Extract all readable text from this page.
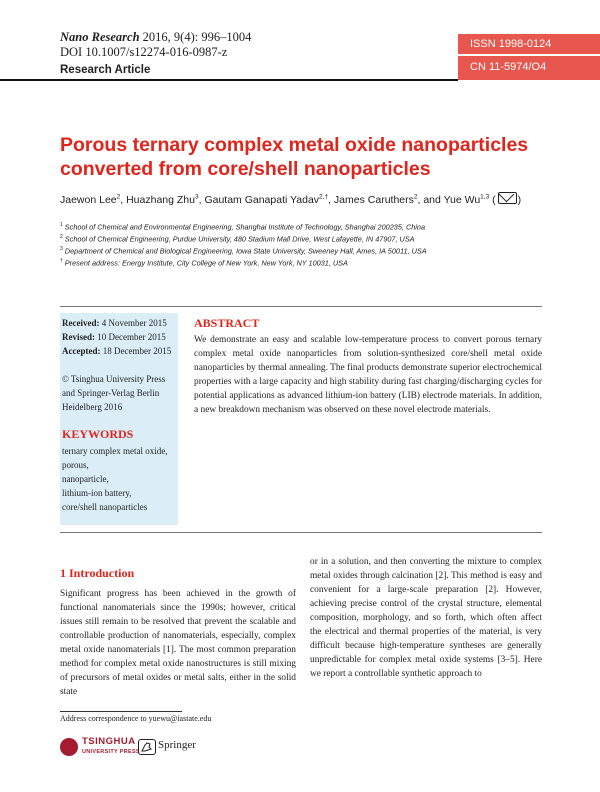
Nano Research 2016, 9(4): 996–1004
DOI 10.1007/s12274-016-0987-z
Research Article
ISSN 1998-0124
CN 11-5974/O4
Porous ternary complex metal oxide nanoparticles converted from core/shell nanoparticles
Jaewon Lee$^2$, Huazhang Zhu$^3$, Gautam Ganapati Yadav$^{2,\dagger}$, James Caruthers$^2$, and Yue Wu$^{1,3}$ ( )
$^1$ School of Chemical and Environmental Engineering, Shanghai Institute of Technology, Shanghai 200235, China
$^2$ School of Chemical Engineering, Purdue University, 480 Stadium Mall Drive, West Lafayette, IN 47907, USA
$^3$ Department of Chemical and Biological Engineering, Iowa State University, Sweeney Hall, Ames, IA 50011, USA
† Present address: Energy Institute, City College of New York, New York, NY 10031, USA
Received: 4 November 2015
Revised: 10 December 2015
Accepted: 18 December 2015
© Tsinghua University Press and Springer-Verlag Berlin Heidelberg 2016
KEYWORDS
ternary complex metal oxide,
porous,
nanoparticle,
lithium-ion battery,
core/shell nanoparticles
ABSTRACT
We demonstrate an easy and scalable low-temperature process to convert porous ternary complex metal oxide nanoparticles from solution-synthesized core/shell metal oxide nanoparticles by thermal annealing. The final products demonstrate superior electrochemical properties with a large capacity and high stability during fast charging/discharging cycles for potential applications as advanced lithium-ion battery (LIB) electrode materials. In addition, a new breakdown mechanism was observed on these novel electrode materials.
1 Introduction
Significant progress has been achieved in the growth of functional nanomaterials since the 1990s; however, critical issues still remain to be resolved that prevent the scalable and controllable production of nanomaterials, especially, complex metal oxide nanomaterials [1]. The most common preparation method for complex metal oxide nanostructures is still mixing of precursors of metal oxides or metal salts, either in the solid state
or in a solution, and then converting the mixture to complex metal oxides through calcination [2]. This method is easy and convenient for a large-scale preparation [2]. However, achieving precise control of the crystal structure, elemental composition, morphology, and so forth, which often affect the electrical and thermal properties of the material, is very difficult because high-temperature syntheses are generally unpredictable for complex metal oxide systems [3–5]. Here we report a controllable synthetic approach to
Address correspondence to yuewu@iastate.edu
TSINGHUA
UNIVERSITY PRESS
Springer
